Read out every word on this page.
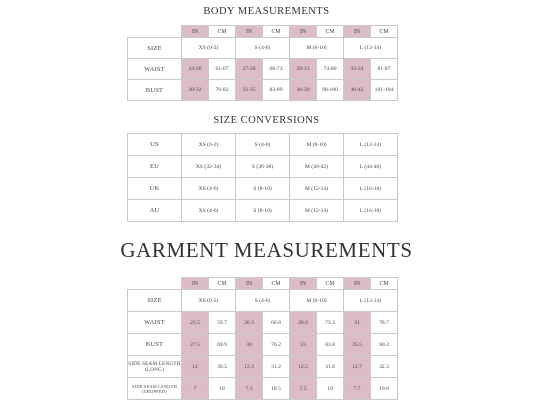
BODY MEASUREMENTS
	IN	CM	IN	CM	IN	CM	IN	CM
SIZE	XS (0-2)		S (4-6)		M (8-10)		L (12-14)	
WAIST	24-26	61-67	27-28	68-73	29-31	74-80	32-34	81-87
BUST	30-32	76-82	33-35	83-89	36-39	90-100	40-42	101-104
SIZE CONVERSIONS
US	XS (0-2)	S (4-6)	M (8-10)	L (12-14)
EU	XS (32-34)	S (36-38)	M (40-42)	L (44-46)
UK	XS (4-6)	S (8-10)	M (12-14)	L (16-18)
AU	XS (4-6)	S (8-10)	M (12-14)	L (16-18)
GARMENT MEASUREMENTS
	IN	CM	IN	CM	IN	CM	IN	CM
SIZE	XS (0-2)		S (4-6)		M (8-10)		L (12-14)	
WAIST	23.5	59.7	26.3	66.8	28.8	73.2	31	78.7
BUST	27.5	69.9	30	76.2	33	83.8	35.5	90.2
SIDE SEAM LENGTH (LONG)	12	30.5	12.3	31.2	12.5	31.8	12.7	32.3
SIDE SEAM LENGTH (CROPPED)	7	18	7.3	18.5	7.5	19	7.7	19.6
